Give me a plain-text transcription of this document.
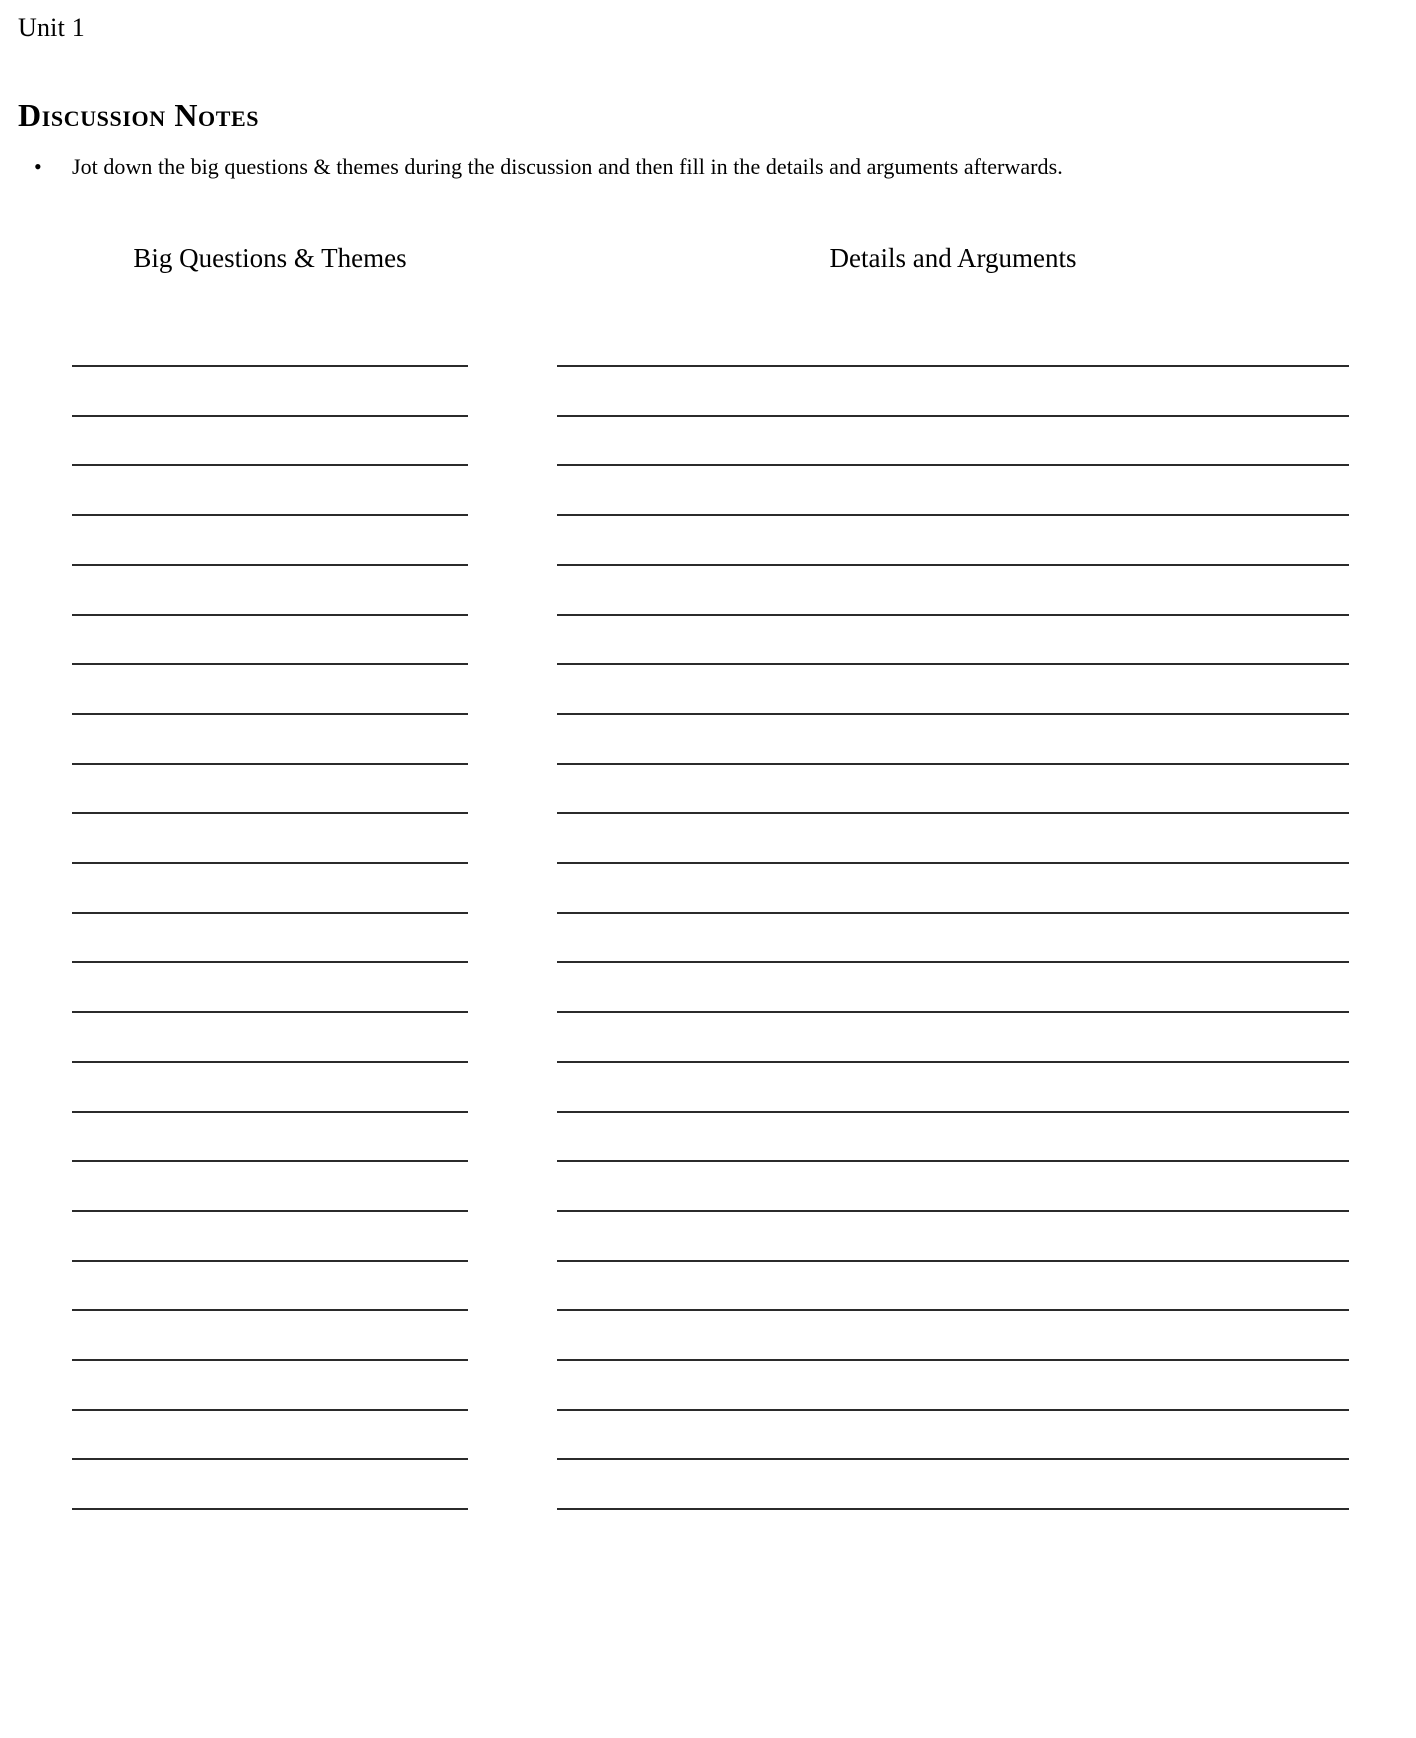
Unit 1
Discussion Notes
•	Jot down the big questions & themes during the discussion and then fill in the details and arguments afterwards.
Big Questions & Themes	Details and Arguments
